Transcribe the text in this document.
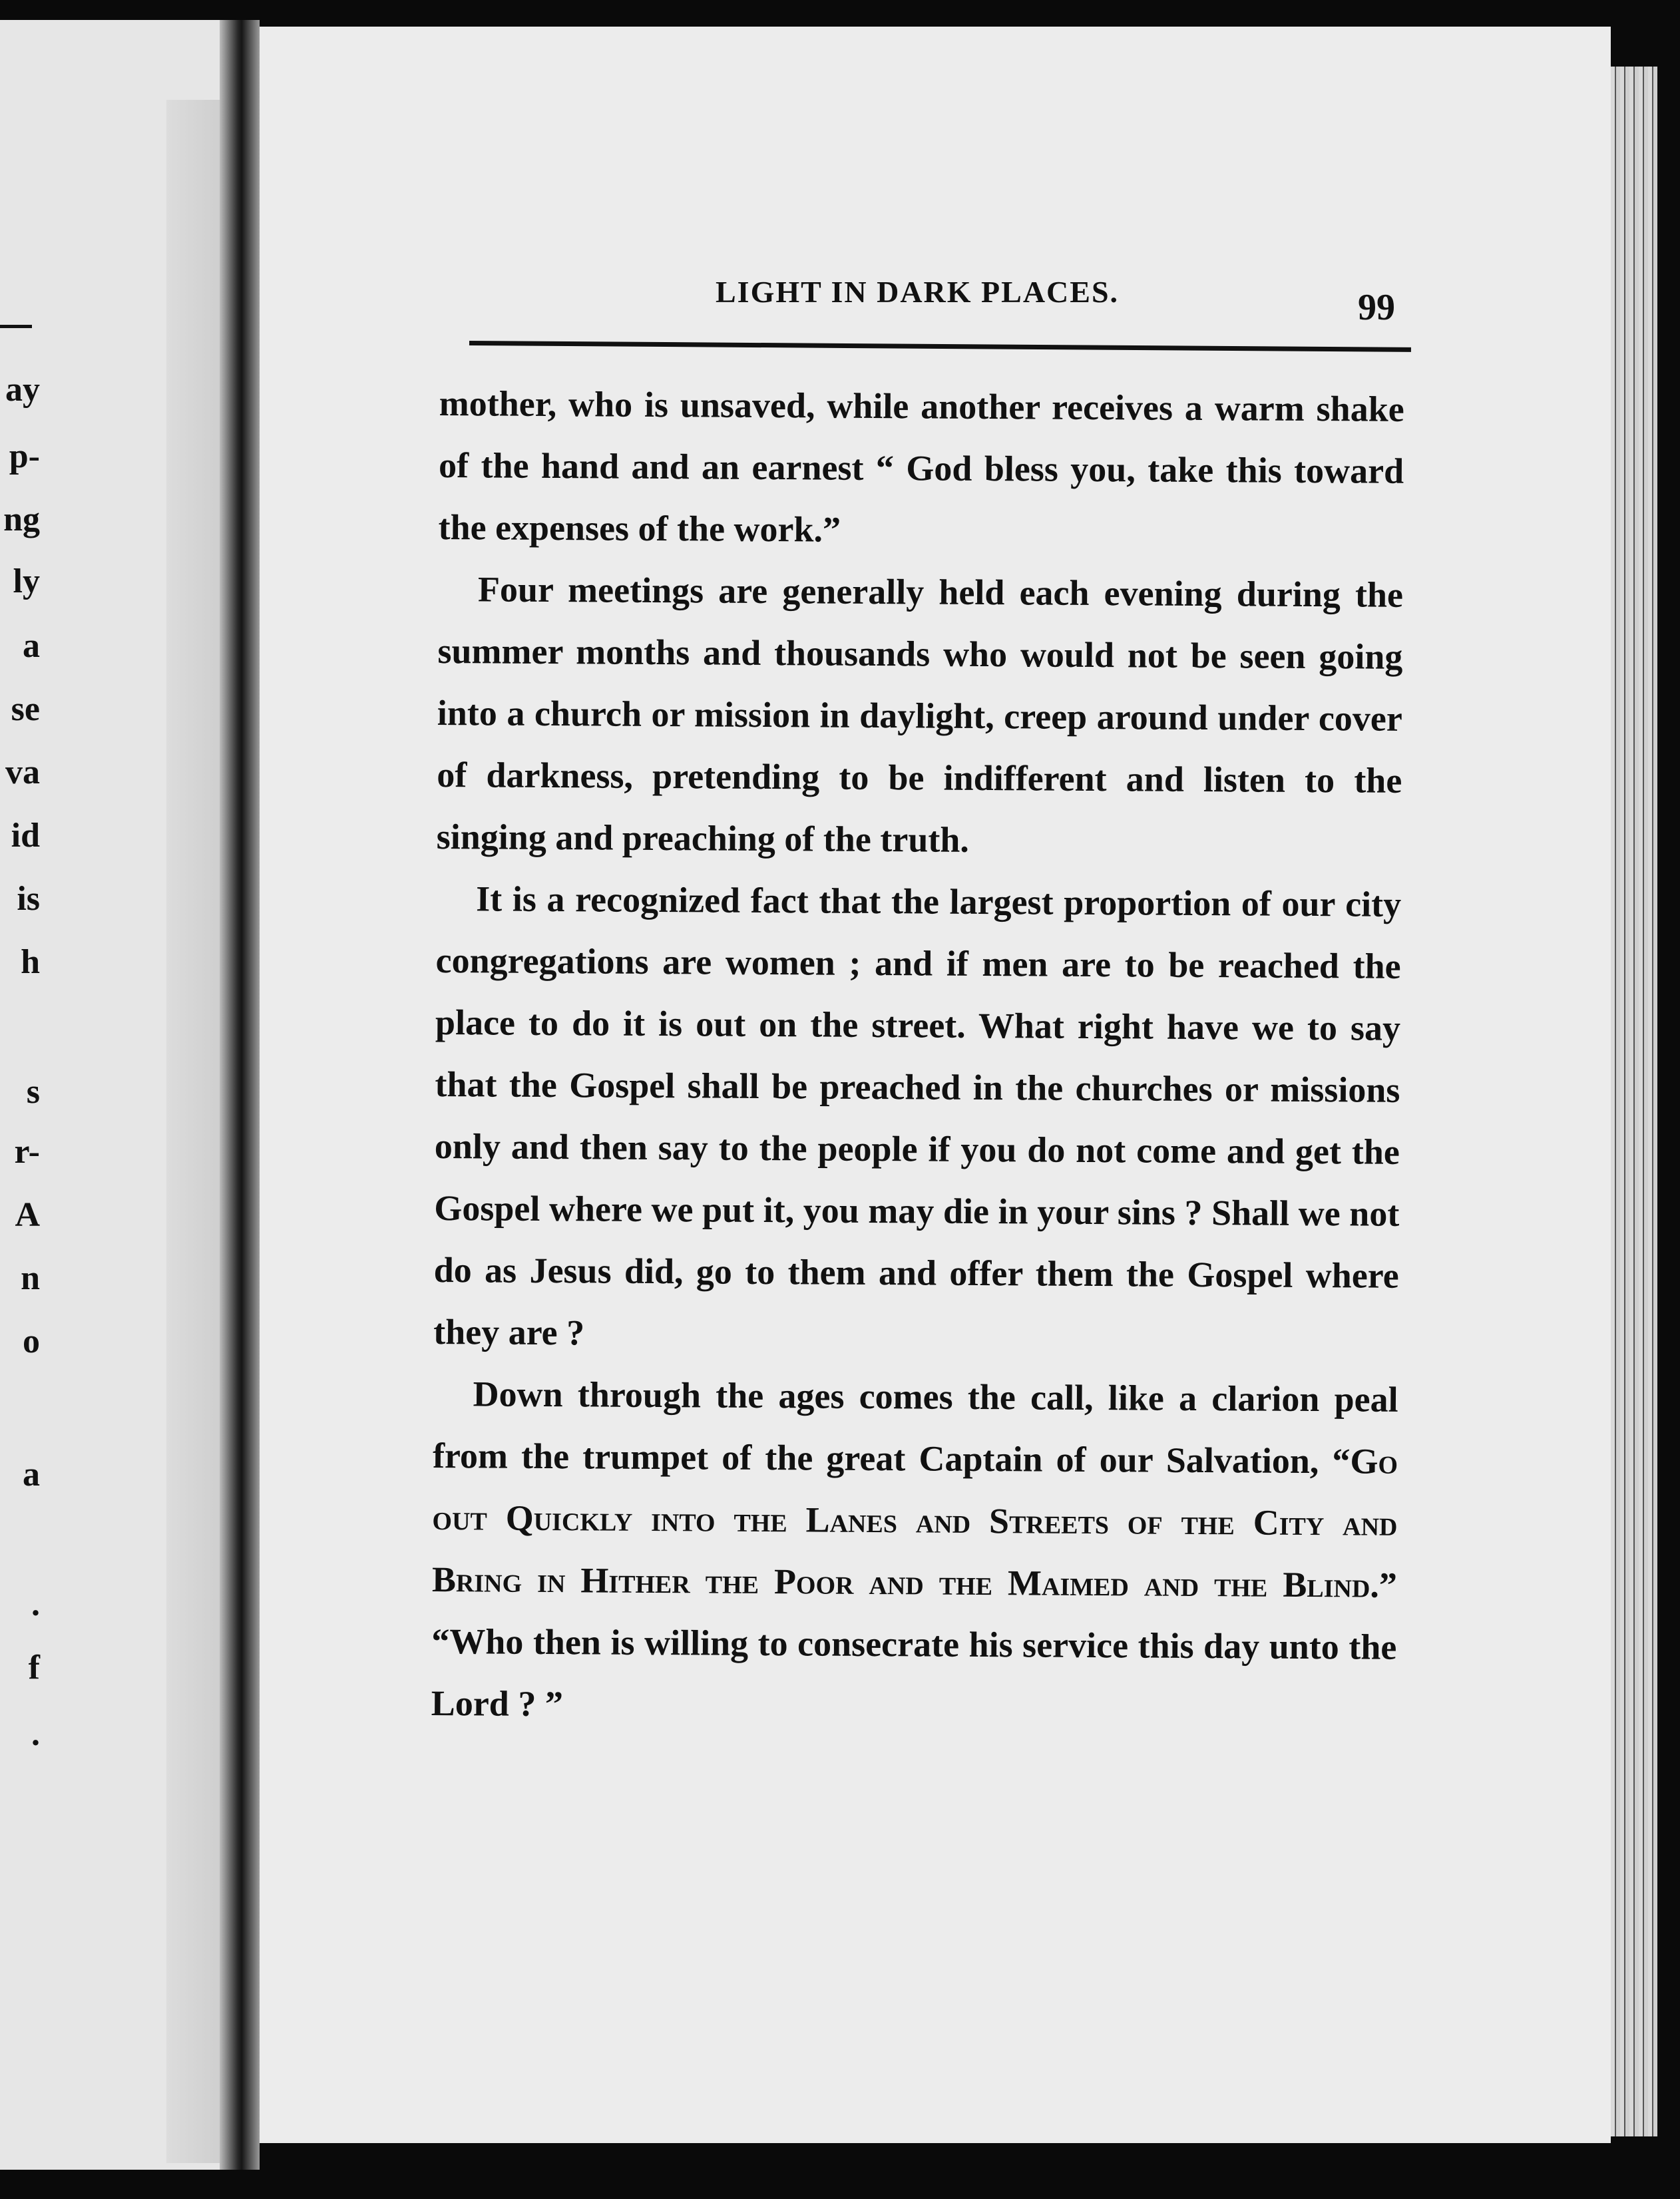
ay
p-
ng
ly
a
se
va
id
is
h
s
r-
A
n
o
a
.
f
.
LIGHT IN DARK PLACES.	99

mother, who is unsaved, while another receives a warm shake of the hand and an earnest “ God bless you, take this toward the expenses of the work.”

Four meetings are generally held each evening during the summer months and thousands who would not be seen going into a church or mission in daylight, creep around under cover of darkness, pretending to be indifferent and listen to the singing and preaching of the truth.

It is a recognized fact that the largest proportion of our city congregations are women ; and if men are to be reached the place to do it is out on the street. What right have we to say that the Gospel shall be preached in the churches or missions only and then say to the people if you do not come and get the Gospel where we put it, you may die in your sins ? Shall we not do as Jesus did, go to them and offer them the Gospel where they are ?

Down through the ages comes the call, like a clarion peal from the trumpet of the great Captain of our Salvation, “Go out Quickly into the Lanes and Streets of the City and Bring in Hither the Poor and the Maimed and the Blind.” “Who then is willing to consecrate his service this day unto the Lord ? ”
